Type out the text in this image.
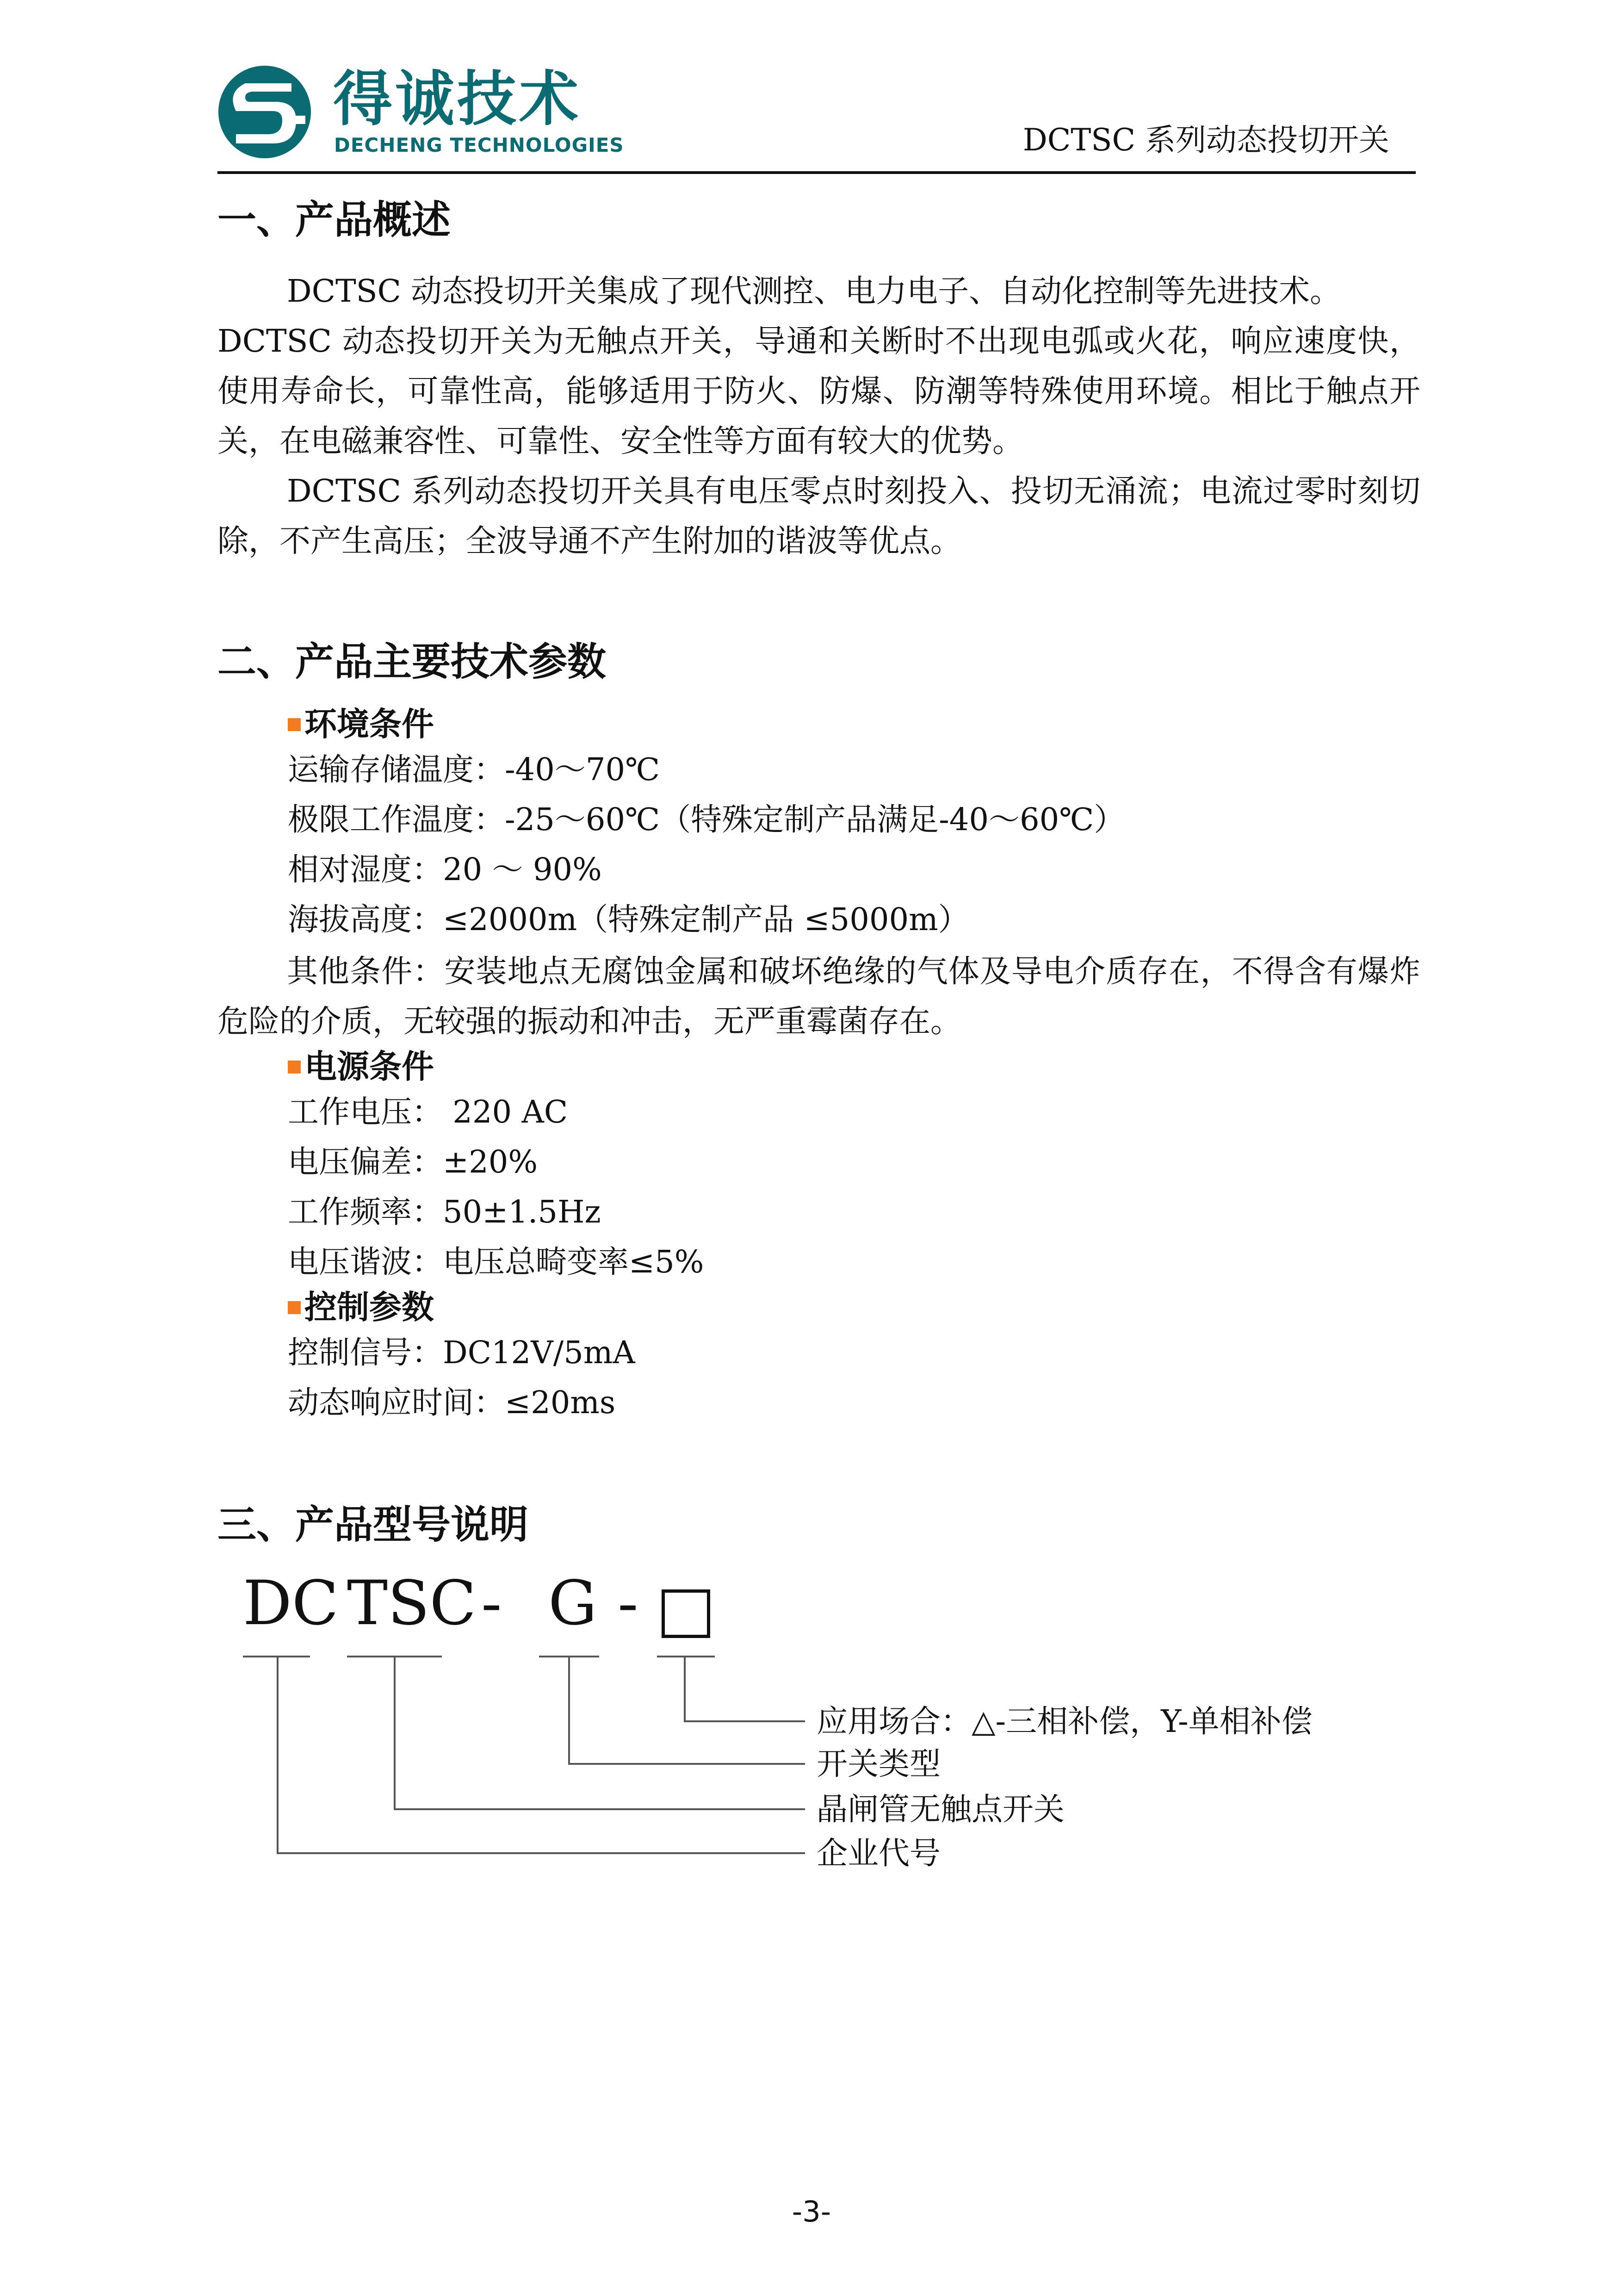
得诚技术
DECHENG TECHNOLOGIES	DCTSC 系列动态投切开关
一、产品概述

DCTSC 动态投切开关集成了现代测控、电力电子、自动化控制等先进技术。

DCTSC 动态投切开关为无触点开关，导通和关断时不出现电弧或火花，响应速度快，使用寿命长，可靠性高，能够适用于防火、防爆、防潮等特殊使用环境。相比于触点开关，在电磁兼容性、可靠性、安全性等方面有较大的优势。

DCTSC 系列动态投切开关具有电压零点时刻投入、投切无涌流；电流过零时刻切除，不产生高压；全波导通不产生附加的谐波等优点。

二、产品主要技术参数
环境条件
运输存储温度：-40～70℃
极限工作温度：-25～60℃（特殊定制产品满足-40～60℃）
相对湿度：20 ～ 90%
海拔高度：≤2000m（特殊定制产品 ≤5000m）
其他条件：安装地点无腐蚀金属和破坏绝缘的气体及导电介质存在，不得含有爆炸危险的介质，无较强的振动和冲击，无严重霉菌存在。
电源条件
工作电压： 220 AC
电压偏差：±20%
工作频率：50±1.5Hz
电压谐波：电压总畸变率≤5%
控制参数
控制信号：DC12V/5mA
动态响应时间：≤20ms
三、产品型号说明
DC TSC - G -
应用场合：△-三相补偿，Y-单相补偿
开关类型
晶闸管无触点开关
企业代号
-3-
